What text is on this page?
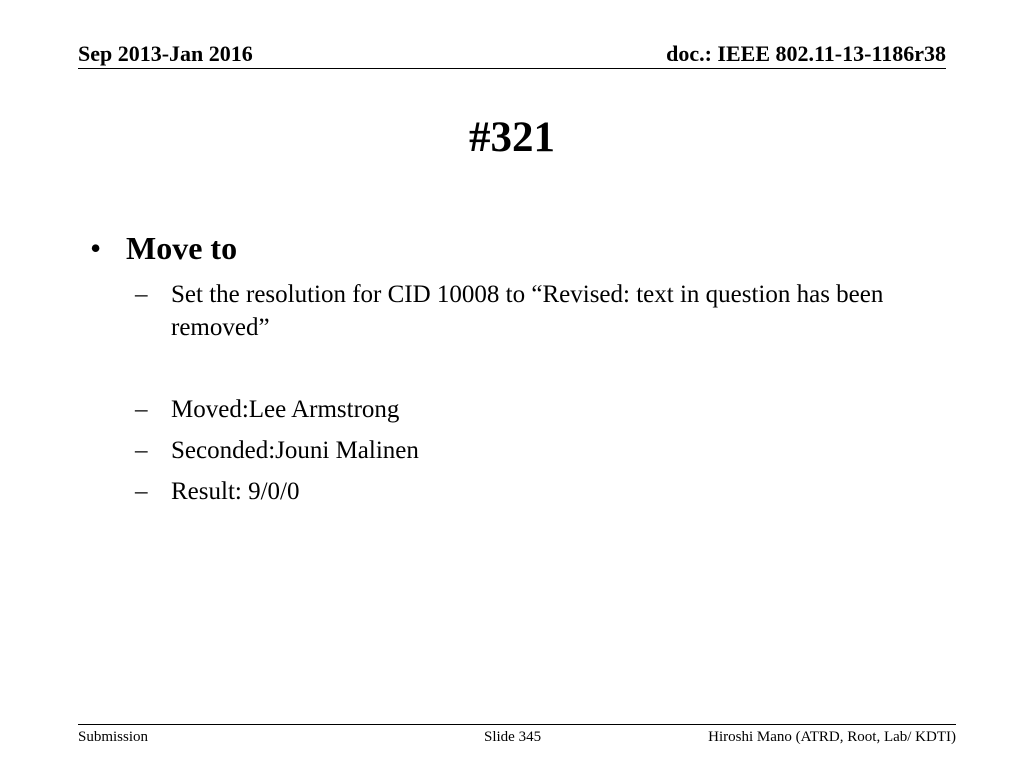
Sep 2013-Jan 2016	doc.: IEEE 802.11-13-1186r38
#321
• Move to
– Set the resolution for CID 10008 to “Revised: text in question has been removed”
– Moved:Lee Armstrong
– Seconded:Jouni Malinen
– Result: 9/0/0
Submission	Slide 345	Hiroshi Mano (ATRD, Root, Lab/ KDTI)
